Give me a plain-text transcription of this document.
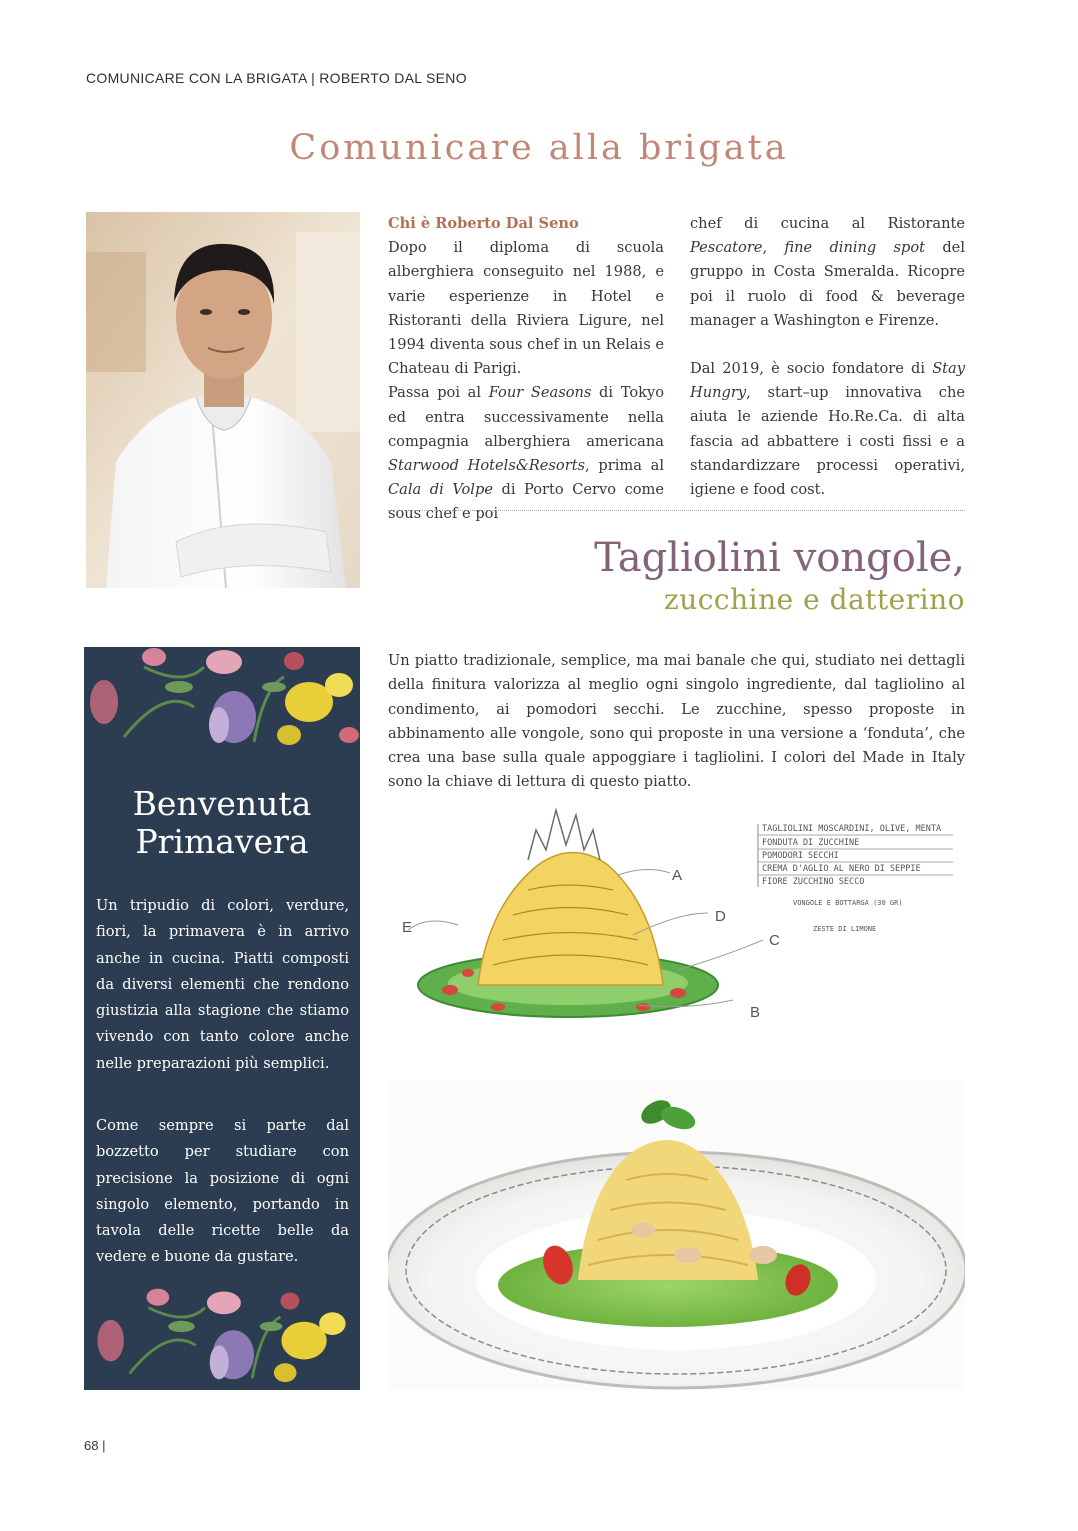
COMUNICARE CON LA BRIGATA | ROBERTO DAL SENO
Comunicare alla brigata
Chi è Roberto Dal Seno

Dopo il diploma di scuola alberghiera conseguito nel 1988, e varie esperienze in Hotel e Ristoranti della Riviera Ligure, nel 1994 diventa sous chef in un Relais e Chateau di Parigi.

Passa poi al Four Seasons di Tokyo ed entra successivamente nella compagnia alberghiera americana Starwood Hotels&Resorts, prima al Cala di Volpe di Porto Cervo come sous chef e poi

chef di cucina al Ristorante Pescatore, fine dining spot del gruppo in Costa Smeralda. Ricopre poi il ruolo di food & beverage manager a Washington e Firenze.

Dal 2019, è socio fondatore di Stay Hungry, start–up innovativa che aiuta le aziende Ho.Re.Ca. di alta fascia ad abbattere i costi fissi e a standardizzare processi operativi, igiene e food cost.

Tagliolini vongole,
zucchine e datterino
Un piatto tradizionale, semplice, ma mai banale che qui, studiato nei dettagli della finitura valorizza al meglio ogni singolo ingrediente, dal tagliolino al condimento, ai pomodori secchi. Le zucchine, spesso proposte in abbinamento alle vongole, sono qui proposte in una versione a ‘fonduta’, che crea una base sulla quale appoggiare i tagliolini. I colori del Made in Italy sono la chiave di lettura di questo piatto.
Benvenuta
Primavera
Un tripudio di colori, verdure, fiori, la primavera è in arrivo anche in cucina. Piatti composti da diversi elementi che rendono giustizia alla stagione che stiamo vivendo con tanto colore anche nelle preparazioni più semplici.
Come sempre si parte dal bozzetto per studiare con precisione la posizione di ogni singolo elemento, portando in tavola delle ricette belle da vedere e buone da gustare.
A
B
C
D
E
TAGLIOLINI MOSCARDINI, OLIVE, MENTA
FONDUTA DI ZUCCHINE
POMODORI SECCHI
CREMA D'AGLIO AL NERO DI SEPPIE
FIORE ZUCCHINO SECCO
VONGOLE E BOTTARGA (30 GR)
ZESTE DI LIMONE
68 |
